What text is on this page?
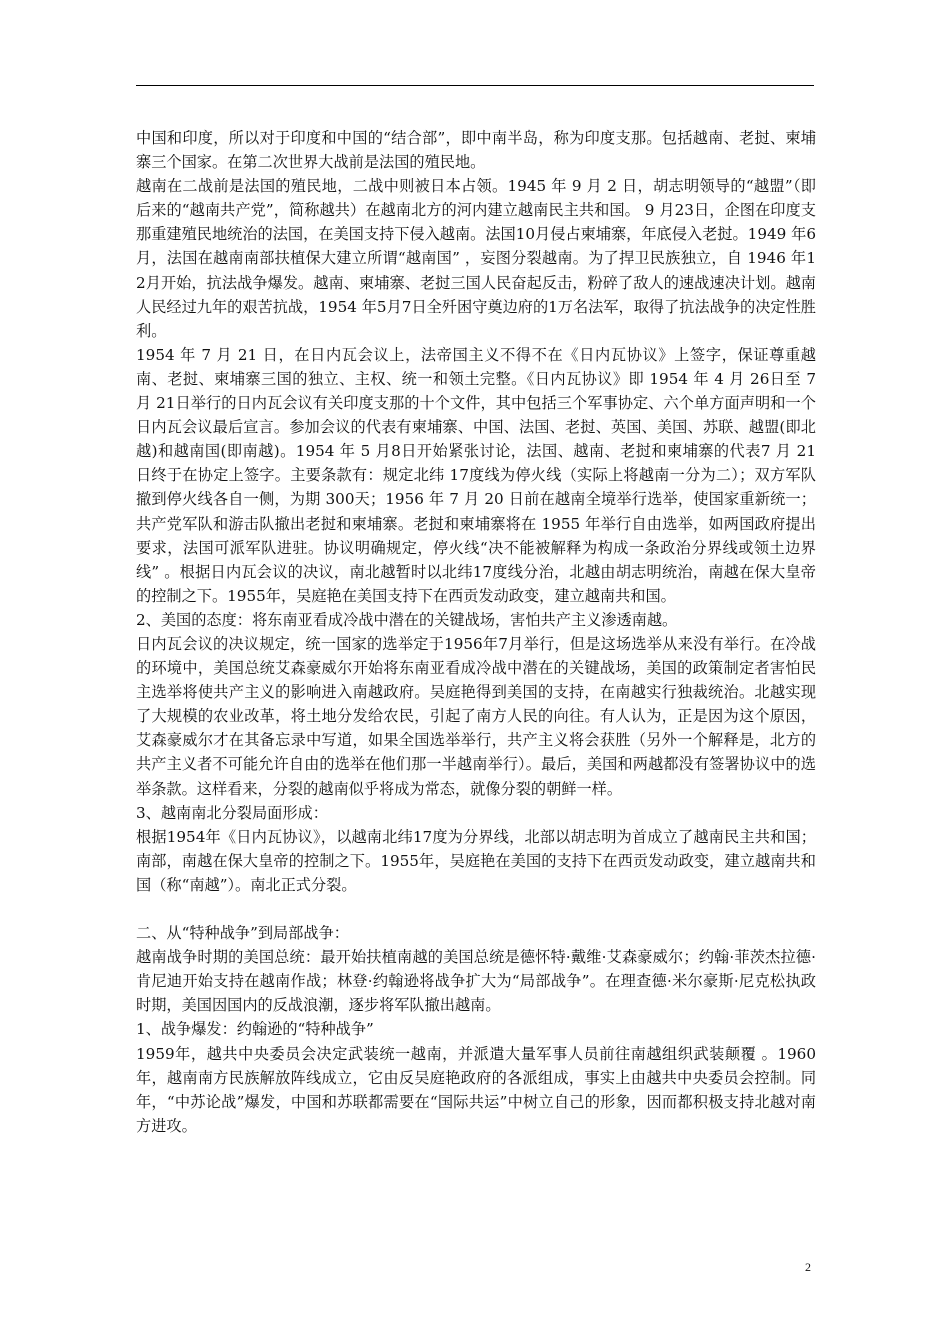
中国和印度，所以对于印度和中国的“结合部”，即中南半岛，称为印度支那。包括越南、老挝、柬埔寨三个国家。在第二次世界大战前是法国的殖民地。

越南在二战前是法国的殖民地，二战中则被日本占领。1945 年 9 月 2 日，胡志明领导的“越盟”（即后来的“越南共产党”，简称越共）在越南北方的河内建立越南民主共和国。 9 月23日，企图在印度支那重建殖民地统治的法国，在美国支持下侵入越南。法国10月侵占柬埔寨，年底侵入老挝。1949 年6月，法国在越南南部扶植保大建立所谓“越南国” ，妄图分裂越南。为了捍卫民族独立，自 1946 年12月开始，抗法战争爆发。越南、柬埔寨、老挝三国人民奋起反击，粉碎了敌人的速战速决计划。越南人民经过九年的艰苦抗战，1954 年5月7日全歼困守奠边府的1万名法军，取得了抗法战争的决定性胜利。

1954 年 7 月 21 日，在日内瓦会议上，法帝国主义不得不在《日内瓦协议》上签字，保证尊重越南、老挝、柬埔寨三国的独立、主权、统一和领土完整。《日内瓦协议》即 1954 年 4 月 26日至 7 月 21日举行的日内瓦会议有关印度支那的十个文件，其中包括三个军事协定、六个单方面声明和一个日内瓦会议最后宣言。参加会议的代表有柬埔寨、中国、法国、老挝、英国、美国、苏联、越盟(即北越)和越南国(即南越)。1954 年 5 月8日开始紧张讨论，法国、越南、老挝和柬埔寨的代表7 月 21 日终于在协定上签字。主要条款有：规定北纬 17度线为停火线（实际上将越南一分为二）；双方军队撤到停火线各自一侧，为期 300天；1956 年 7 月 20 日前在越南全境举行选举，使国家重新统一；共产党军队和游击队撤出老挝和柬埔寨。老挝和柬埔寨将在 1955 年举行自由选举，如两国政府提出要求，法国可派军队进驻。协议明确规定，停火线“决不能被解释为构成一条政治分界线或领土边界线” 。根据日内瓦会议的决议，南北越暂时以北纬17度线分治，北越由胡志明统治，南越在保大皇帝的控制之下。1955年，吴庭艳在美国支持下在西贡发动政变，建立越南共和国。

2、美国的态度：将东南亚看成冷战中潜在的关键战场，害怕共产主义渗透南越。

日内瓦会议的决议规定，统一国家的选举定于1956年7月举行，但是这场选举从来没有举行。在冷战的环境中，美国总统艾森豪威尔开始将东南亚看成冷战中潜在的关键战场，美国的政策制定者害怕民主选举将使共产主义的影响进入南越政府。吴庭艳得到美国的支持，在南越实行独裁统治。北越实现了大规模的农业改革，将土地分发给农民，引起了南方人民的向往。有人认为，正是因为这个原因，艾森豪威尔才在其备忘录中写道，如果全国选举举行，共产主义将会获胜（另外一个解释是，北方的共产主义者不可能允许自由的选举在他们那一半越南举行）。最后，美国和两越都没有签署协议中的选举条款。这样看来，分裂的越南似乎将成为常态，就像分裂的朝鲜一样。

3、越南南北分裂局面形成：

根据1954年《日内瓦协议》，以越南北纬17度为分界线，北部以胡志明为首成立了越南民主共和国；南部，南越在保大皇帝的控制之下。1955年，吴庭艳在美国的支持下在西贡发动政变，建立越南共和国（称“南越”）。南北正式分裂。

二、从“特种战争”到局部战争：

越南战争时期的美国总统：最开始扶植南越的美国总统是德怀特·戴维·艾森豪威尔；约翰·菲茨杰拉德·肯尼迪开始支持在越南作战；林登·约翰逊将战争扩大为“局部战争”。在理查德·米尔豪斯·尼克松执政时期，美国因国内的反战浪潮，逐步将军队撤出越南。

1、战争爆发：约翰逊的“特种战争”

1959年，越共中央委员会决定武装统一越南，并派遣大量军事人员前往南越组织武装颠覆 。1960年，越南南方民族解放阵线成立，它由反吴庭艳政府的各派组成，事实上由越共中央委员会控制。同年，“中苏论战”爆发，中国和苏联都需要在“国际共运”中树立自己的形象，因而都积极支持北越对南方进攻。

2
